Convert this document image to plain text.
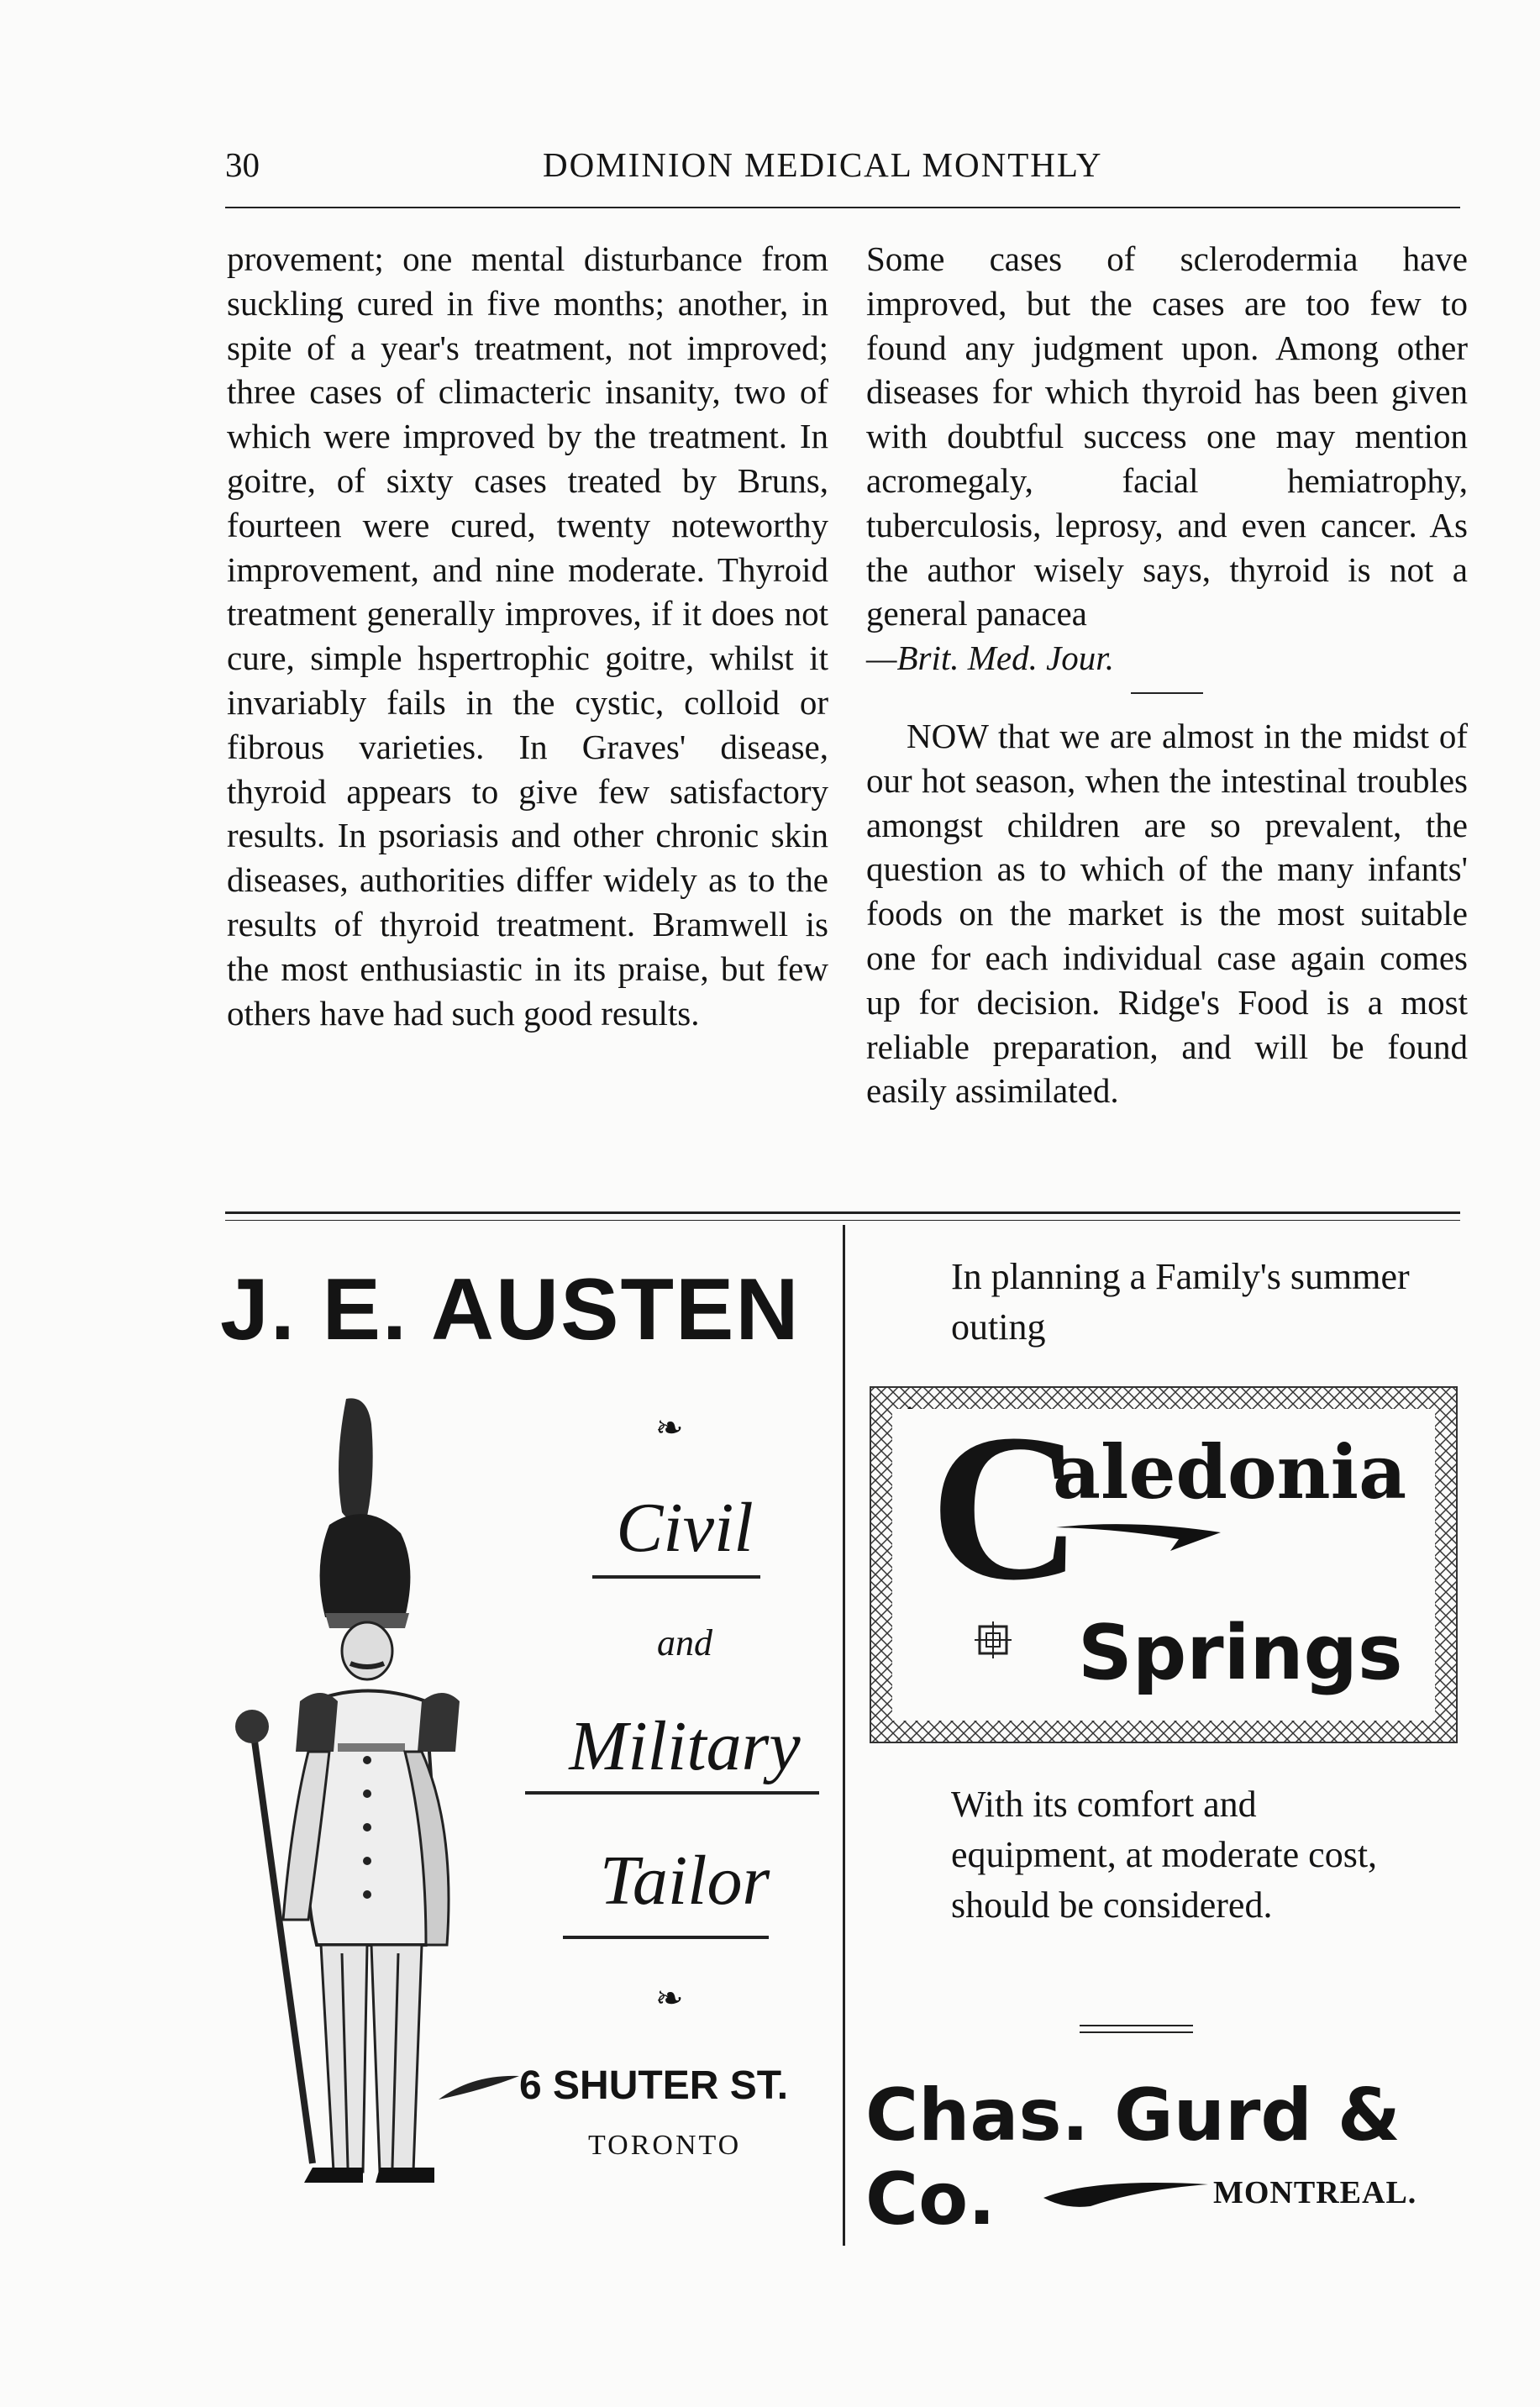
30	DOMINION MEDICAL MONTHLY

provement; one mental disturbance from suckling cured in five months; another, in spite of a year's treatment, not improved; three cases of climacteric insanity, two of which were improved by the treatment. In goitre, of sixty cases treated by Bruns, fourteen were cured, twenty noteworthy improvement, and nine moderate. Thyroid treatment generally improves, if it does not cure, simple hspertrophic goitre, whilst it invariably fails in the cystic, colloid or fibrous varieties. In Graves' disease, thyroid appears to give few satisfactory results. In psoriasis and other chronic skin diseases, authorities differ widely as to the results of thyroid treatment. Bramwell is the most enthusiastic in its praise, but few others have had such good results.

Some cases of sclerodermia have improved, but the cases are too few to found any judgment upon. Among other diseases for which thyroid has been given with doubtful success one may mention acromegaly, facial hemiatrophy, tuberculosis, leprosy, and even cancer. As the author wisely says, thyroid is not a general panacea
—Brit. Med. Jour.

NOW that we are almost in the midst of our hot season, when the intestinal troubles amongst children are so prevalent, the question as to which of the many infants' foods on the market is the most suitable one for each individual case again comes up for decision. Ridge's Food is a most reliable preparation, and will be found easily assimilated.

J. E. AUSTEN
❧
Civil
and
Military
Tailor
❧
6 SHUTER ST.
TORONTO

In planning a Family's summer outing

C
aledonia
Springs

With its comfort and equipment, at moderate cost, should be considered.

Chas. Gurd & Co.	MONTREAL.
